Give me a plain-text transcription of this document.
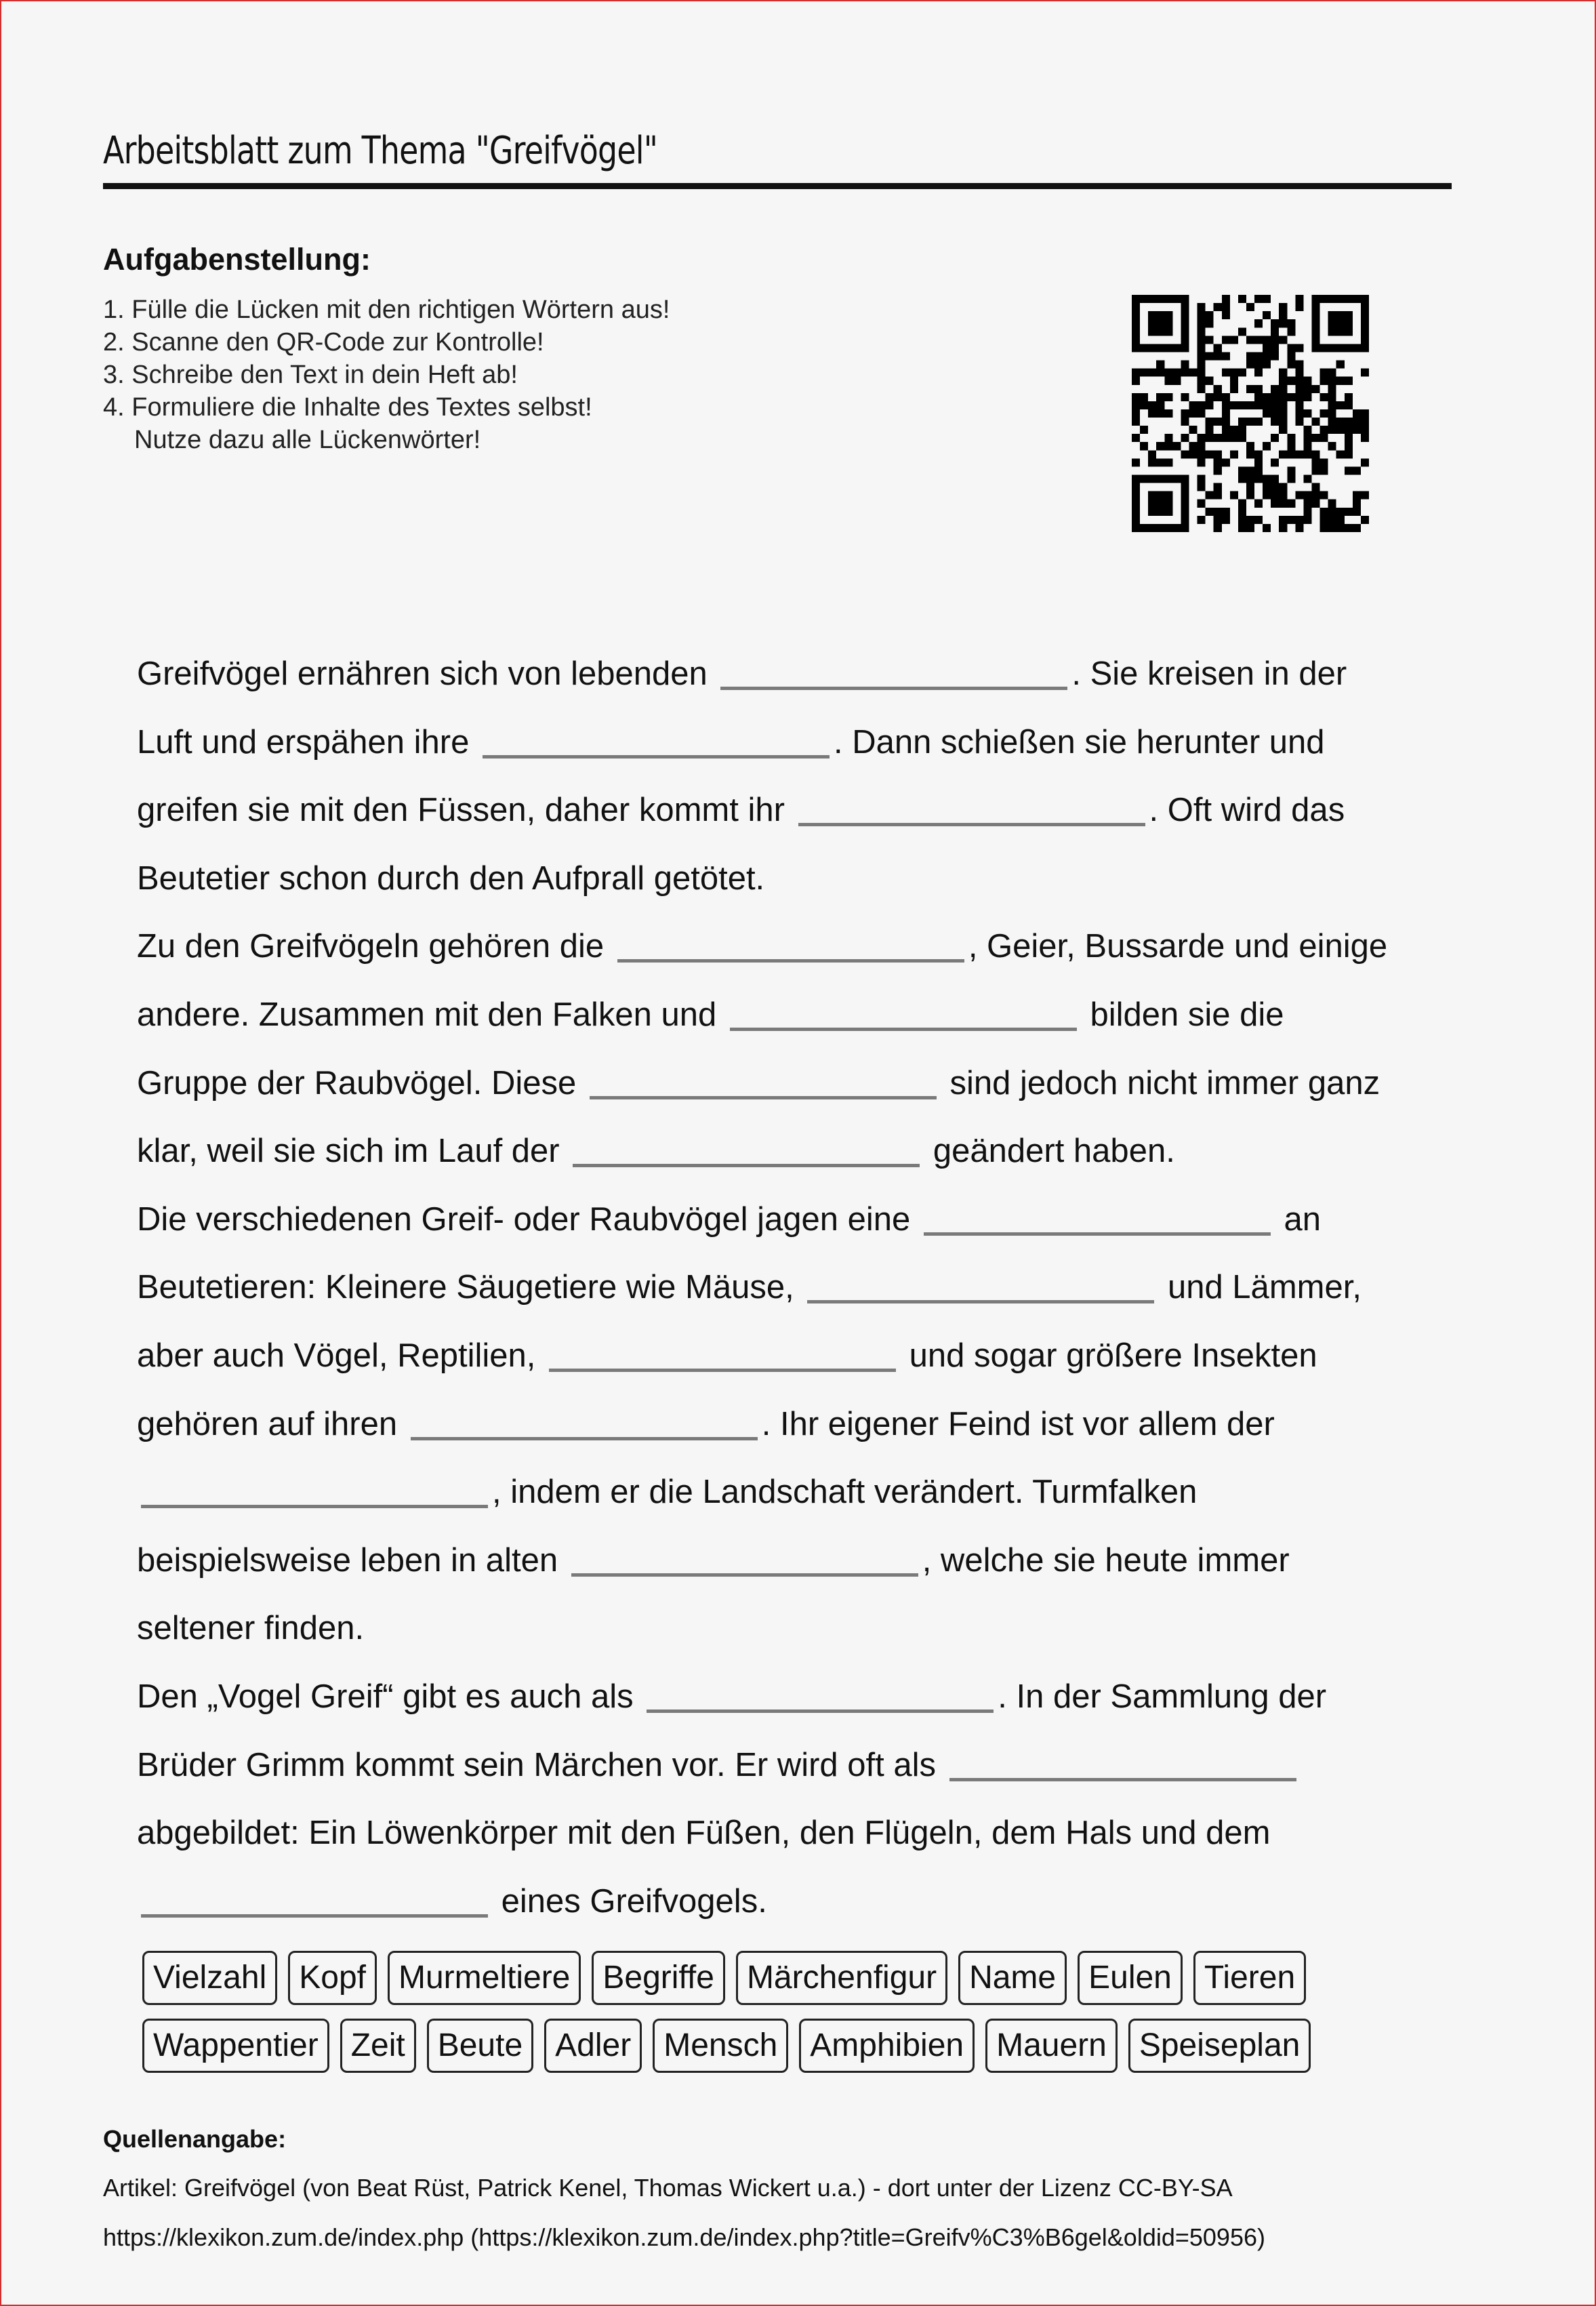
Arbeitsblatt zum Thema "Greifvögel"
Aufgabenstellung:
1. Fülle die Lücken mit den richtigen Wörtern aus!
2. Scanne den QR-Code zur Kontrolle!
3. Schreibe den Text in dein Heft ab!
4. Formuliere die Inhalte des Textes selbst!
Nutze dazu alle Lückenwörter!
Greifvögel ernähren sich von lebenden	. Sie kreisen in der
Luft und erspähen ihre	. Dann schießen sie herunter und
greifen sie mit den Füssen, daher kommt ihr	. Oft wird das
Beutetier schon durch den Aufprall getötet.
Zu den Greifvögeln gehören die	, Geier, Bussarde und einige
andere. Zusammen mit den Falken und	bilden sie die
Gruppe der Raubvögel. Diese	sind jedoch nicht immer ganz
klar, weil sie sich im Lauf der	geändert haben.
Die verschiedenen Greif- oder Raubvögel jagen eine	an
Beutetieren: Kleinere Säugetiere wie Mäuse,	und Lämmer,
aber auch Vögel, Reptilien,	und sogar größere Insekten
gehören auf ihren	. Ihr eigener Feind ist vor allem der
, indem er die Landschaft verändert. Turmfalken
beispielsweise leben in alten	, welche sie heute immer
seltener finden.
Den „Vogel Greif“ gibt es auch als	. In der Sammlung der
Brüder Grimm kommt sein Märchen vor. Er wird oft als
abgebildet: Ein Löwenkörper mit den Füßen, den Flügeln, dem Hals und dem
eines Greifvogels.
Vielzahl	Kopf	Murmeltiere	Begriffe	Märchenfigur	Name	Eulen	Tieren
Wappentier	Zeit	Beute	Adler	Mensch	Amphibien	Mauern	Speiseplan
Quellenangabe:
Artikel: Greifvögel (von Beat Rüst, Patrick Kenel, Thomas Wickert u.a.) - dort unter der Lizenz CC-BY-SA
https://klexikon.zum.de/index.php (https://klexikon.zum.de/index.php?title=Greifv%C3%B6gel&oldid=50956)
